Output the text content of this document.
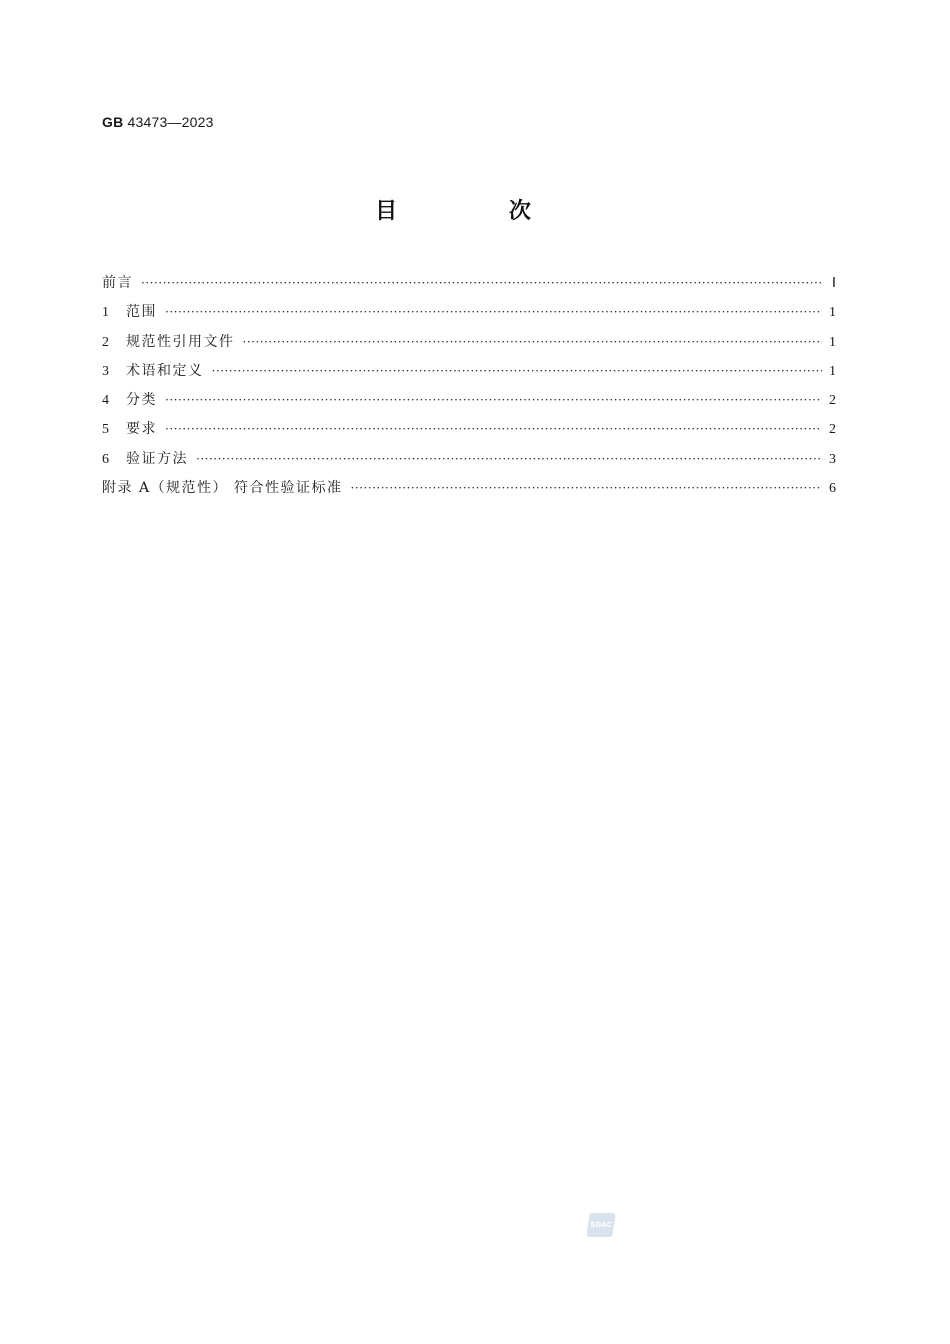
GB 43473—2023
目 次
前言 ·····	Ⅰ
1	范围 ·····	1
2	规范性引用文件 ·····	1
3	术语和定义 ·····	1
4	分类 ·····	2
5	要求 ·····	2
6	验证方法 ·····	3
附录 A（规范性） 符合性验证标准 ·····	6
SDAC
